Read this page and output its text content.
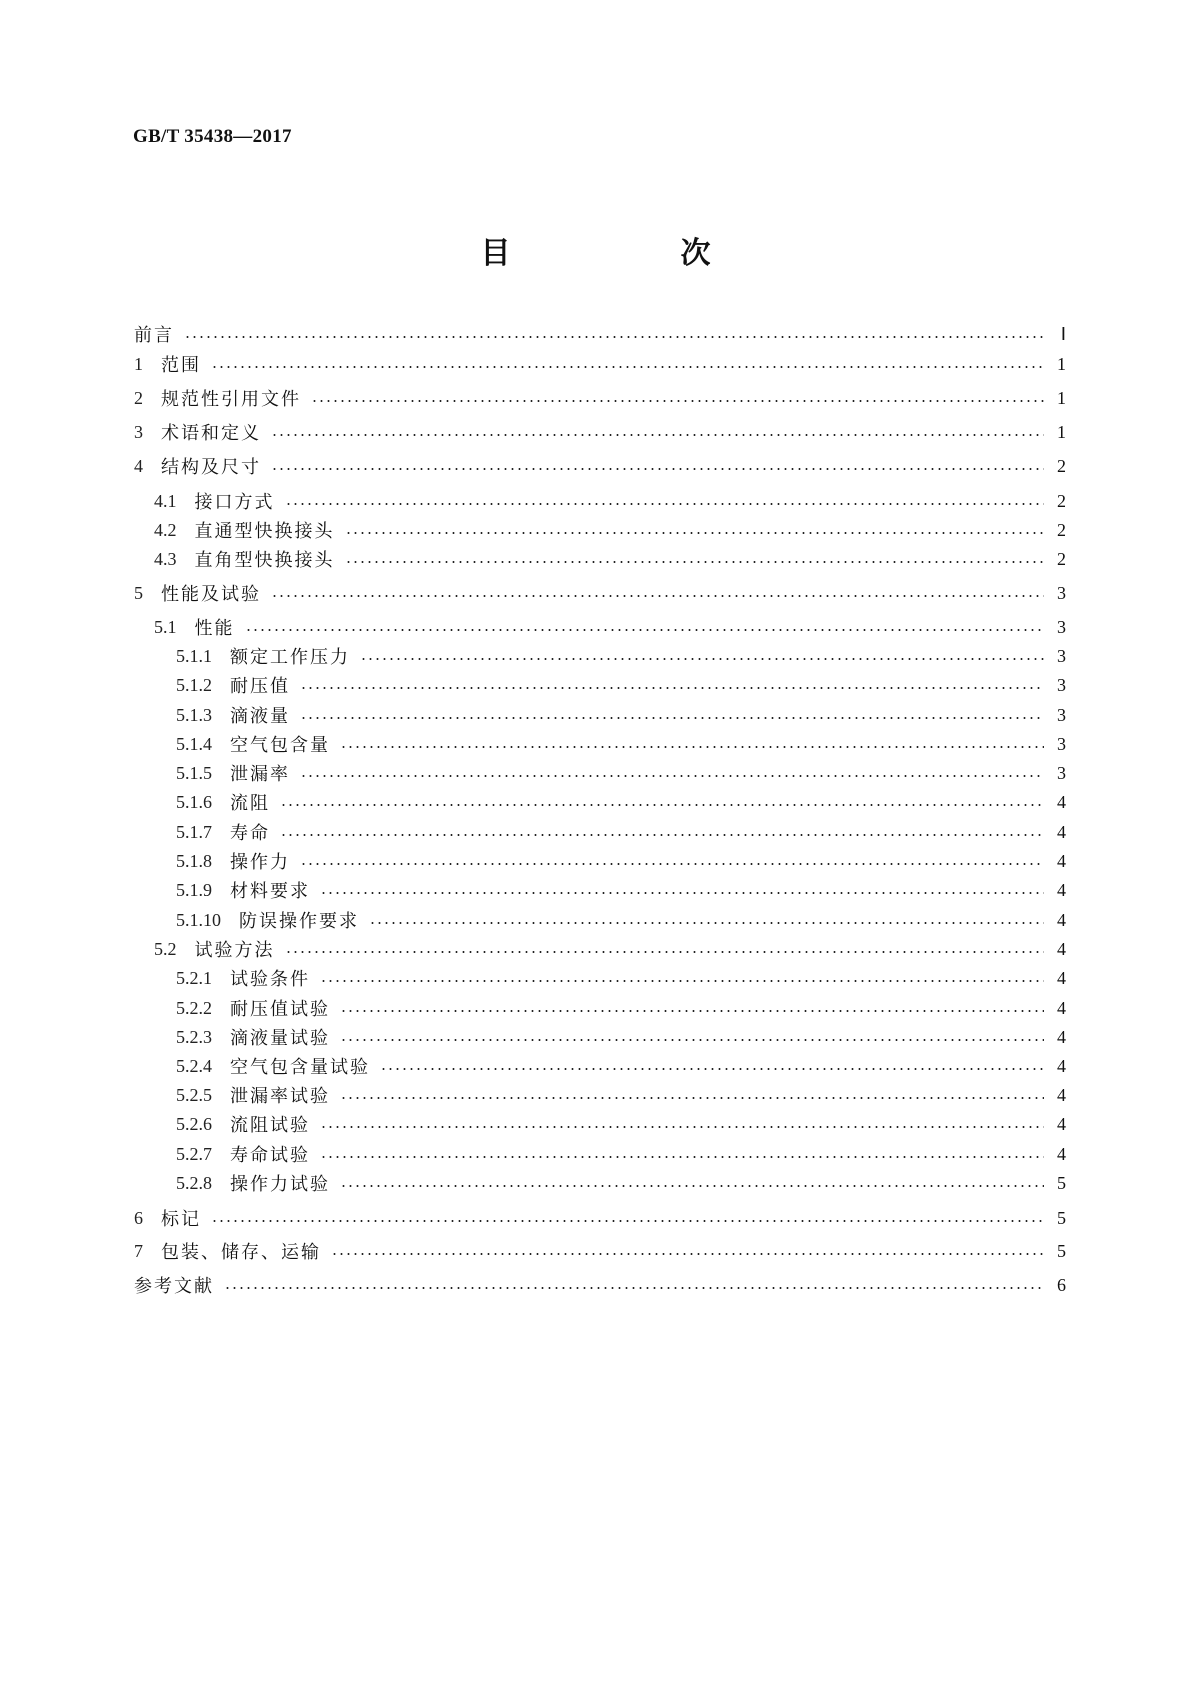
GB/T 35438—2017
目　次
前言	Ⅰ
1 范围	1
2 规范性引用文件	1
3 术语和定义	1
4 结构及尺寸	2
4.1 接口方式	2
4.2 直通型快换接头	2
4.3 直角型快换接头	2
5 性能及试验	3
5.1 性能	3
5.1.1 额定工作压力	3
5.1.2 耐压值	3
5.1.3 滴液量	3
5.1.4 空气包含量	3
5.1.5 泄漏率	3
5.1.6 流阻	4
5.1.7 寿命	4
5.1.8 操作力	4
5.1.9 材料要求	4
5.1.10 防误操作要求	4
5.2 试验方法	4
5.2.1 试验条件	4
5.2.2 耐压值试验	4
5.2.3 滴液量试验	4
5.2.4 空气包含量试验	4
5.2.5 泄漏率试验	4
5.2.6 流阻试验	4
5.2.7 寿命试验	4
5.2.8 操作力试验	5
6 标记	5
7 包装、储存、运输	5
参考文献	6
